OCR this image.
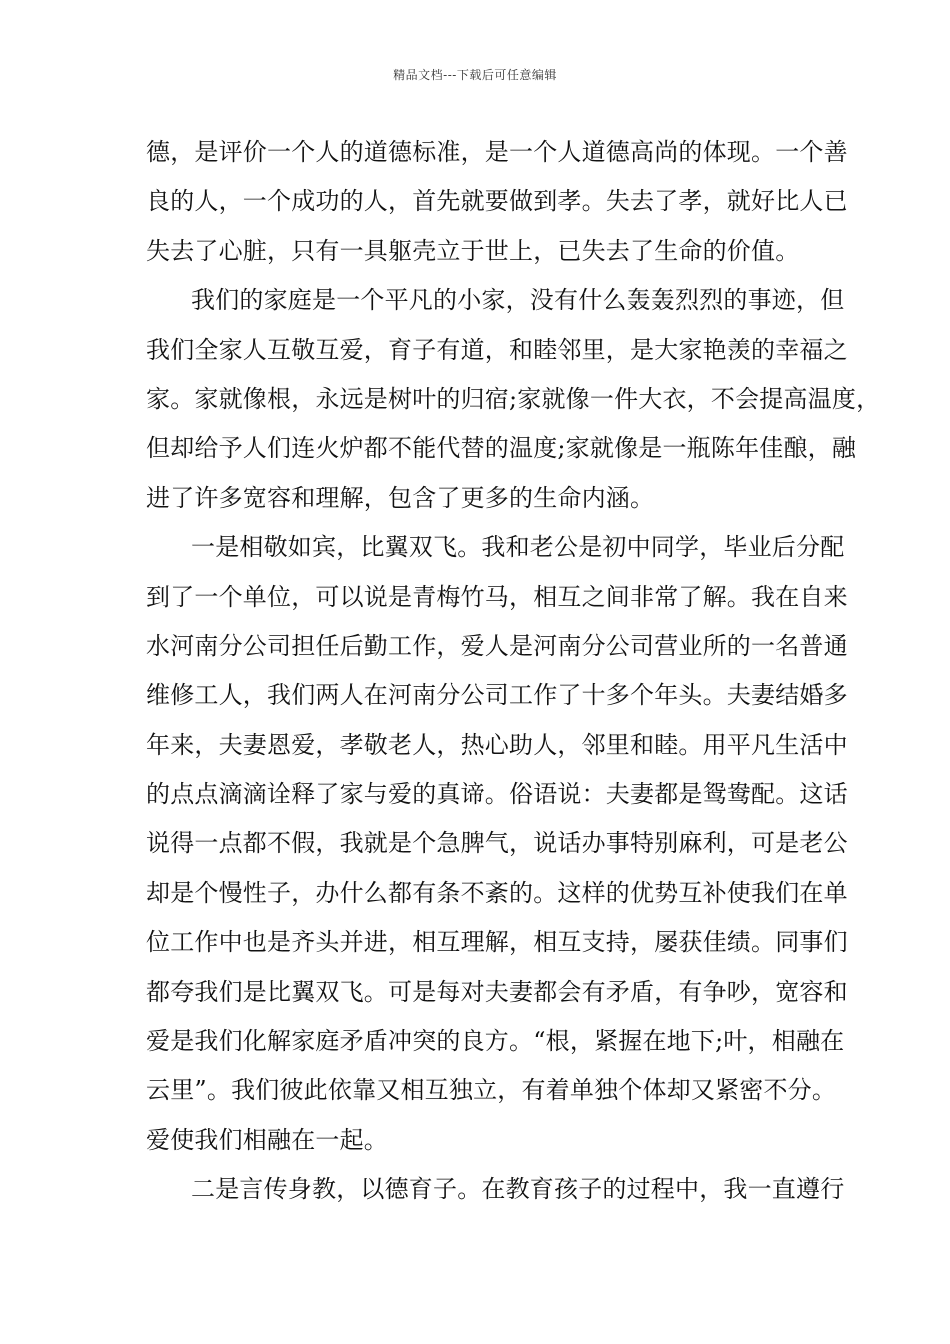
精品文档---下载后可任意编辑
德，是评价一个人的道德标准，是一个人道德高尚的体现。一个善
良的人，一个成功的人，首先就要做到孝。失去了孝，就好比人已
失去了心脏，只有一具躯壳立于世上，已失去了生命的价值。
我们的家庭是一个平凡的小家，没有什么轰轰烈烈的事迹，但
我们全家人互敬互爱，育子有道，和睦邻里，是大家艳羡的幸福之
家。家就像根，永远是树叶的归宿;家就像一件大衣，不会提高温度，
但却给予人们连火炉都不能代替的温度;家就像是一瓶陈年佳酿，融
进了许多宽容和理解，包含了更多的生命内涵。
一是相敬如宾，比翼双飞。我和老公是初中同学，毕业后分配
到了一个单位，可以说是青梅竹马，相互之间非常了解。我在自来
水河南分公司担任后勤工作，爱人是河南分公司营业所的一名普通
维修工人，我们两人在河南分公司工作了十多个年头。夫妻结婚多
年来，夫妻恩爱，孝敬老人，热心助人，邻里和睦。用平凡生活中
的点点滴滴诠释了家与爱的真谛。俗语说：夫妻都是鸳鸯配。这话
说得一点都不假，我就是个急脾气，说话办事特别麻利，可是老公
却是个慢性子，办什么都有条不紊的。这样的优势互补使我们在单
位工作中也是齐头并进，相互理解，相互支持，屡获佳绩。同事们
都夸我们是比翼双飞。可是每对夫妻都会有矛盾，有争吵，宽容和
爱是我们化解家庭矛盾冲突的良方。“根，紧握在地下;叶，相融在
云里”。我们彼此依靠又相互独立，有着单独个体却又紧密不分。
爱使我们相融在一起。
二是言传身教，以德育子。在教育孩子的过程中，我一直遵行
